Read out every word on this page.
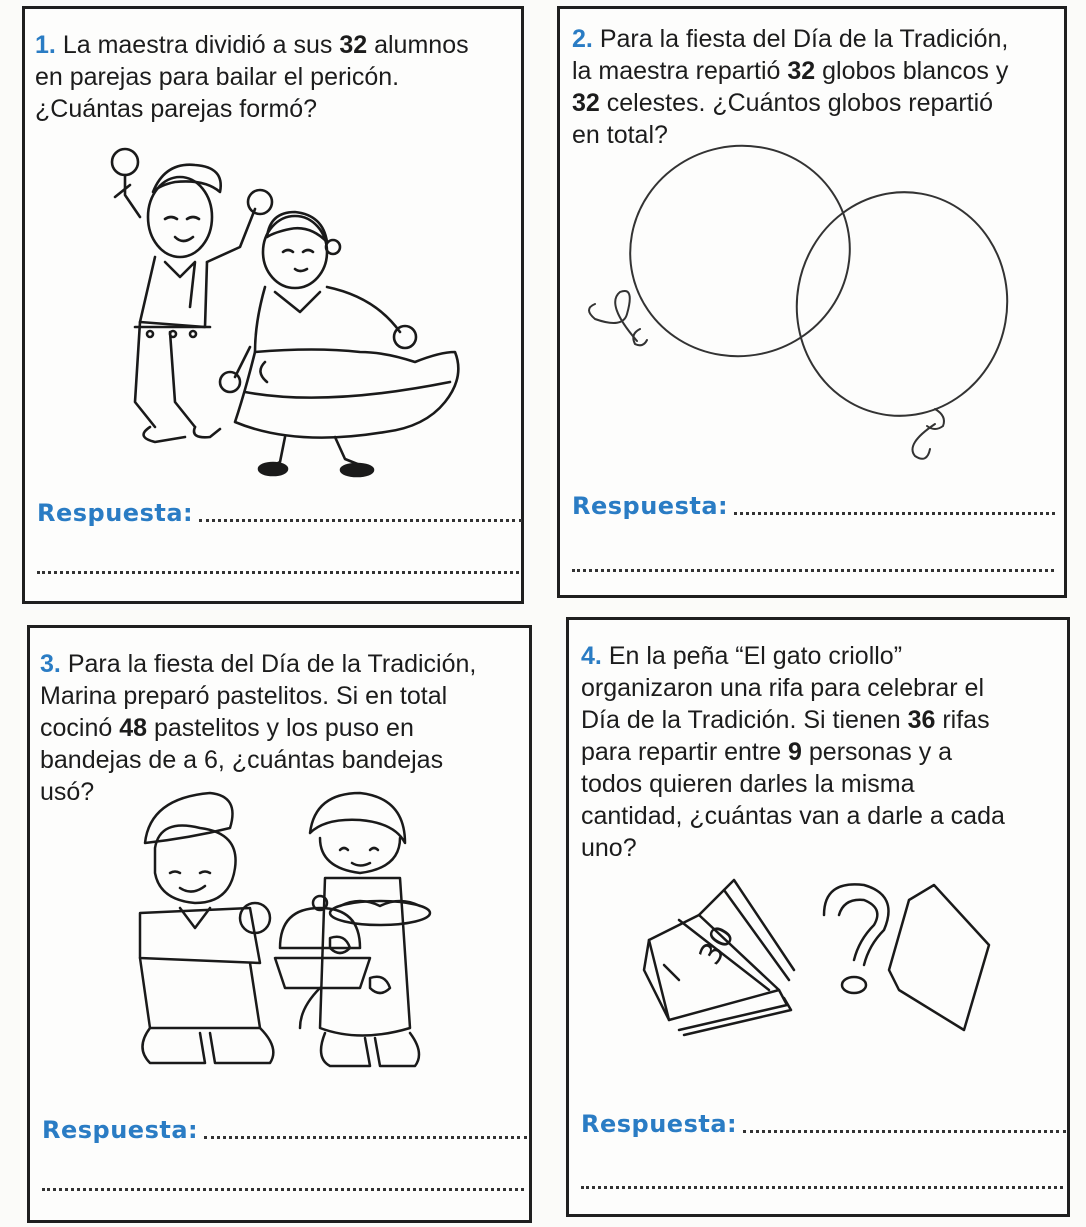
1. La maestra dividió a sus 32 alumnos
en parejas para bailar el pericón.
¿Cuántas parejas formó?

Respuesta:

2. Para la fiesta del Día de la Tradición,
la maestra repartió 32 globos blancos y
32 celestes. ¿Cuántos globos repartió
en total?

Respuesta:

3. Para la fiesta del Día de la Tradición,
Marina preparó pastelitos. Si en total
cocinó 48 pastelitos y los puso en
bandejas de a 6, ¿cuántas bandejas
usó?

Respuesta:

4. En la peña “El gato criollo”
organizaron una rifa para celebrar el
Día de la Tradición. Si tienen 36 rifas
para repartir entre 9 personas y a
todos quieren darles la misma
cantidad, ¿cuántas van a darle a cada
uno?

30
Respuesta:
